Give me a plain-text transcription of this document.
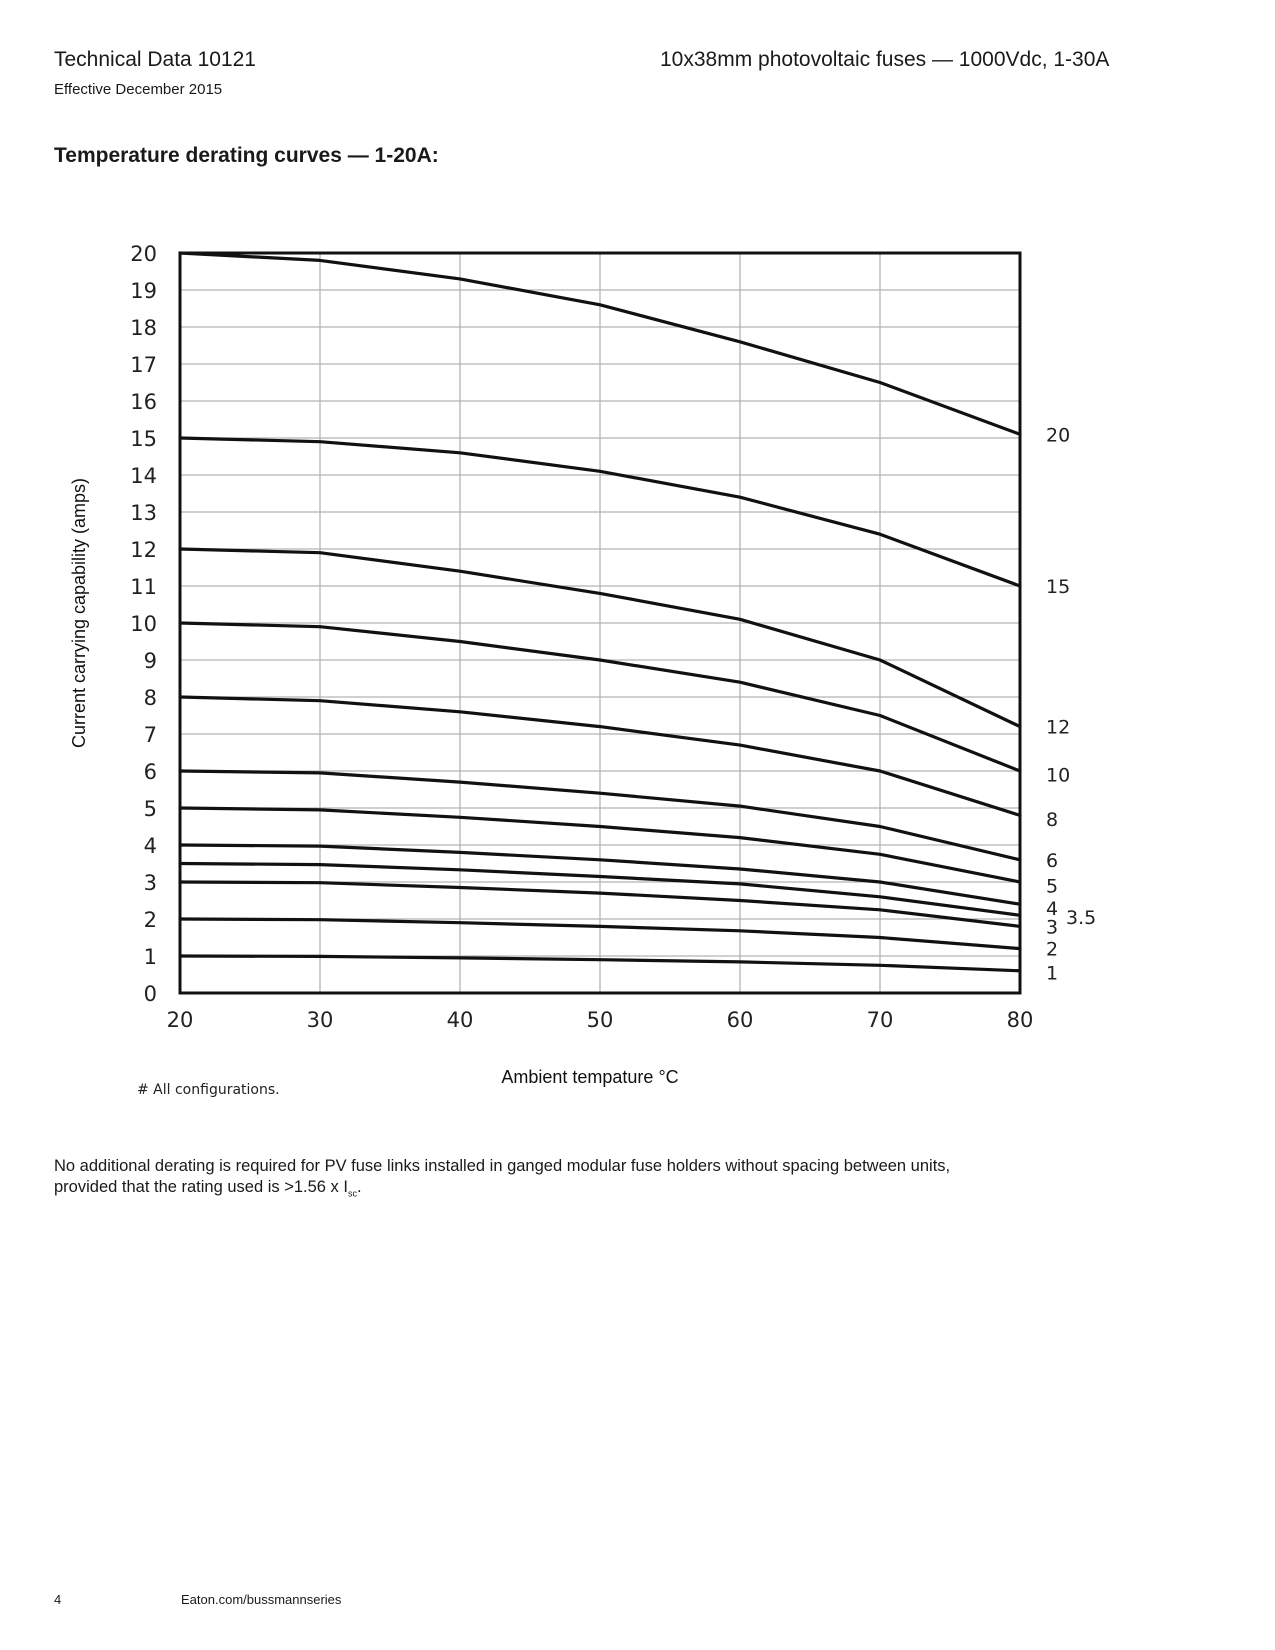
Technical Data 10121
Effective December 2015
10x38mm photovoltaic fuses — 1000Vdc, 1-30A
Temperature derating curves — 1-20A:
0
1
2
3
4
5
6
7
8
9
10
11
12
13
14
15
16
17
18
19
20
20	30	40	50	60	70	80
20
15
12
10
8
6
5
4 3.5
3
2
1
Current carrying capability (amps)
Ambient tempature °C
# All configurations.
No additional derating is required for PV fuse links installed in ganged modular fuse holders without spacing between units,
provided that the rating used is >1.56 x $I_{sc}$.
4	Eaton.com/bussmannseries
